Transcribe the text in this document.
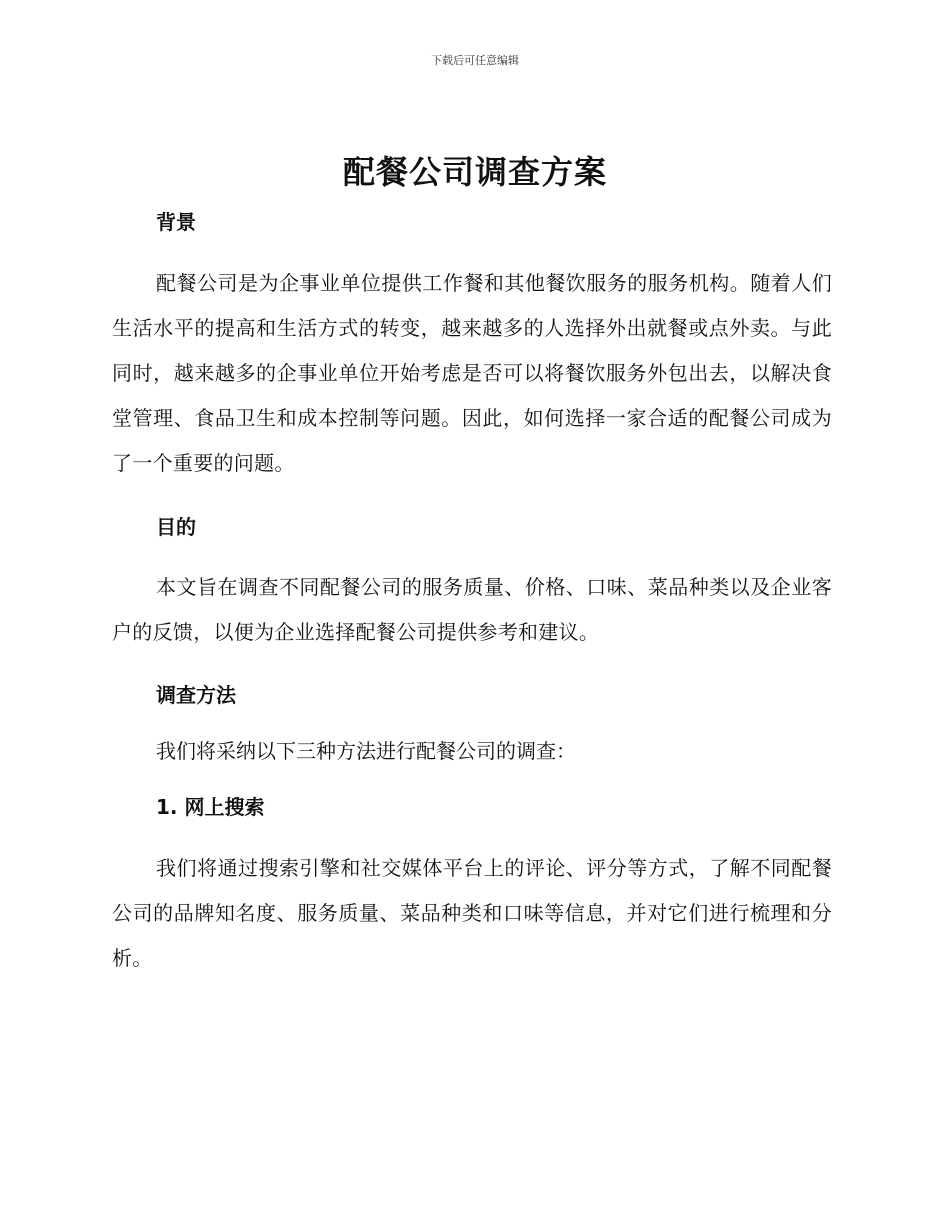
下载后可任意编辑
配餐公司调查方案
背景

配餐公司是为企事业单位提供工作餐和其他餐饮服务的服务机构。随着人们生活水平的提高和生活方式的转变，越来越多的人选择外出就餐或点外卖。与此同时，越来越多的企事业单位开始考虑是否可以将餐饮服务外包出去，以解决食堂管理、食品卫生和成本控制等问题。因此，如何选择一家合适的配餐公司成为了一个重要的问题。

目的

本文旨在调查不同配餐公司的服务质量、价格、口味、菜品种类以及企业客户的反馈，以便为企业选择配餐公司提供参考和建议。

调查方法

我们将采纳以下三种方法进行配餐公司的调查：

1. 网上搜索

我们将通过搜索引擎和社交媒体平台上的评论、评分等方式，了解不同配餐公司的品牌知名度、服务质量、菜品种类和口味等信息，并对它们进行梳理和分析。
